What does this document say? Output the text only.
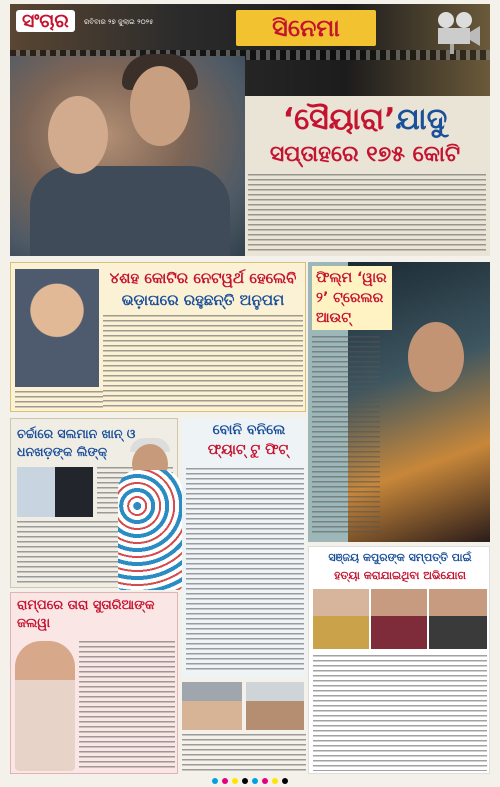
ସଂଚାର	ରବିବାର ୨୭ ଜୁଲାଇ ୨୦୨୫	ସିନେମା
‘ସୈୟାରା’ଯାଦୁ
ସପ୍ତାହରେ ୧୭୫ କୋଟି
୪ଶହ କୋଟିର ନେଟୱର୍ଥ ହେଲେବି
ଭଡ଼ାଘରେ ରହୁଛନ୍ତି ଅନୁପମ
ଫିଲ୍ମ ‘ୱାର ୨’ ଟ୍ରେଲର ଆଉଟ୍
ଚର୍ଚ୍ଚାରେ ସଲମାନ ଖାନ୍ ଓ ଧନଖଡ଼ଙ୍କ ଲିଙ୍କ୍
ବୋନି ବନିଲେ
ଫ୍ୟାଟ୍ ଟୁ ଫିଟ୍
ରାମ୍ପରେ ତାରା ସୁତାରିଆଙ୍କ ଜଲୱା
ସଞ୍ଜୟ କପୁରଙ୍କ ସମ୍ପତ୍ତି ପାଇଁ
ହତ୍ୟା କରାଯାଇଥିବା ଅଭିଯୋଗ
